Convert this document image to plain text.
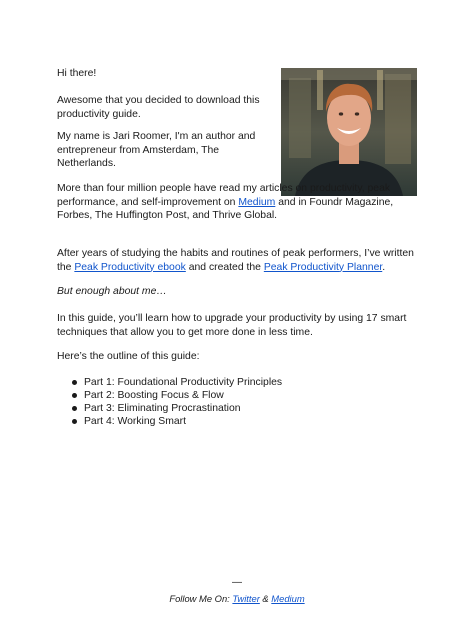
Hi there!

Awesome that you decided to download this productivity guide.

My name is Jari Roomer, I'm an author and entrepreneur from Amsterdam, The Netherlands.

More than four million people have read my articles on productivity, peak performance, and self-improvement on Medium and in Foundr Magazine, Forbes, The Huffington Post, and Thrive Global.

After years of studying the habits and routines of peak performers, I’ve written the Peak Productivity ebook and created the Peak Productivity Planner.

But enough about me…

In this guide, you’ll learn how to upgrade your productivity by using 17 smart techniques that allow you to get more done in less time.

Here’s the outline of this guide:

Part 1: Foundational Productivity Principles
Part 2: Boosting Focus & Flow
Part 3: Eliminating Procrastination
Part 4: Working Smart
—
Follow Me On: Twitter & Medium
